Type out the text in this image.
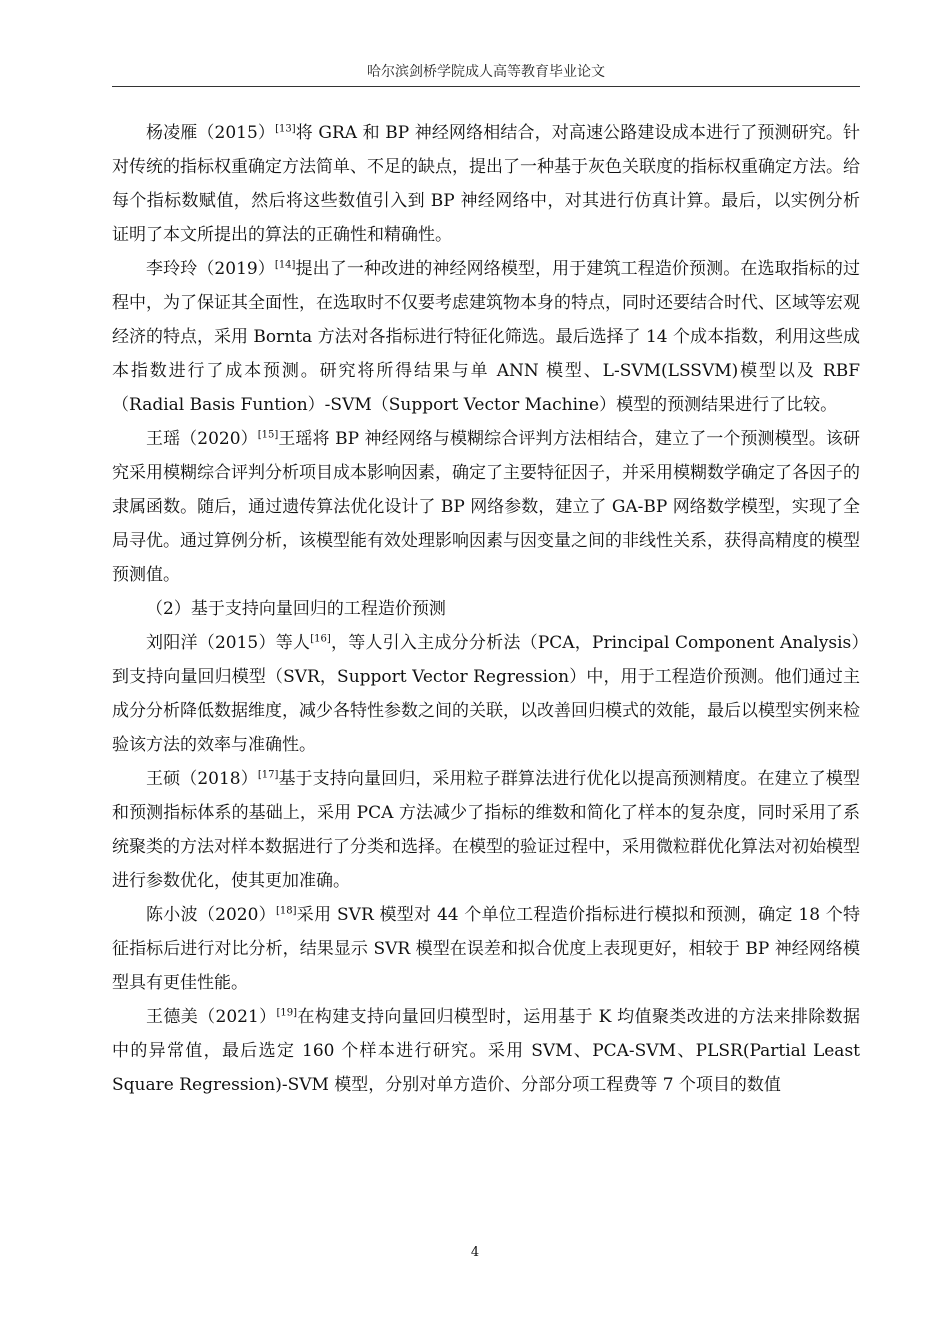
哈尔滨剑桥学院成人高等教育毕业论文

杨凌雁（2015）[13]将 GRA 和 BP 神经网络相结合，对高速公路建设成本进行了预测研究。针对传统的指标权重确定方法简单、不足的缺点，提出了一种基于灰色关联度的指标权重确定方法。给每个指标数赋值，然后将这些数值引入到 BP 神经网络中，对其进行仿真计算。最后，以实例分析证明了本文所提出的算法的正确性和精确性。

李玲玲（2019）[14]提出了一种改进的神经网络模型，用于建筑工程造价预测。在选取指标的过程中，为了保证其全面性，在选取时不仅要考虑建筑物本身的特点，同时还要结合时代、区域等宏观经济的特点，采用 Bornta 方法对各指标进行特征化筛选。最后选择了 14 个成本指数，利用这些成本指数进行了成本预测。研究将所得结果与单 ANN 模型、L-SVM(LSSVM)模型以及 RBF（Radial Basis Funtion）-SVM（Support Vector Machine）模型的预测结果进行了比较。

王瑶（2020）[15]王瑶将 BP 神经网络与模糊综合评判方法相结合，建立了一个预测模型。该研究采用模糊综合评判分析项目成本影响因素，确定了主要特征因子，并采用模糊数学确定了各因子的隶属函数。随后，通过遗传算法优化设计了 BP 网络参数，建立了 GA-BP 网络数学模型，实现了全局寻优。通过算例分析，该模型能有效处理影响因素与因变量之间的非线性关系，获得高精度的模型预测值。

（2）基于支持向量回归的工程造价预测

刘阳洋（2015）等人[16]，等人引入主成分分析法（PCA，Principal Component Analysis）到支持向量回归模型（SVR，Support Vector Regression）中，用于工程造价预测。他们通过主成分分析降低数据维度，减少各特性参数之间的关联，以改善回归模式的效能，最后以模型实例来检验该方法的效率与准确性。

王硕（2018）[17]基于支持向量回归，采用粒子群算法进行优化以提高预测精度。在建立了模型和预测指标体系的基础上，采用 PCA 方法减少了指标的维数和简化了样本的复杂度，同时采用了系统聚类的方法对样本数据进行了分类和选择。在模型的验证过程中，采用微粒群优化算法对初始模型进行参数优化，使其更加准确。

陈小波（2020）[18]采用 SVR 模型对 44 个单位工程造价指标进行模拟和预测，确定 18 个特征指标后进行对比分析，结果显示 SVR 模型在误差和拟合优度上表现更好，相较于 BP 神经网络模型具有更佳性能。

王德美（2021）[19]在构建支持向量回归模型时，运用基于 K 均值聚类改进的方法来排除数据中的异常值，最后选定 160 个样本进行研究。采用 SVM、PCA-SVM、PLSR(Partial Least Square Regression)-SVM 模型，分别对单方造价、分部分项工程费等 7 个项目的数值

4
